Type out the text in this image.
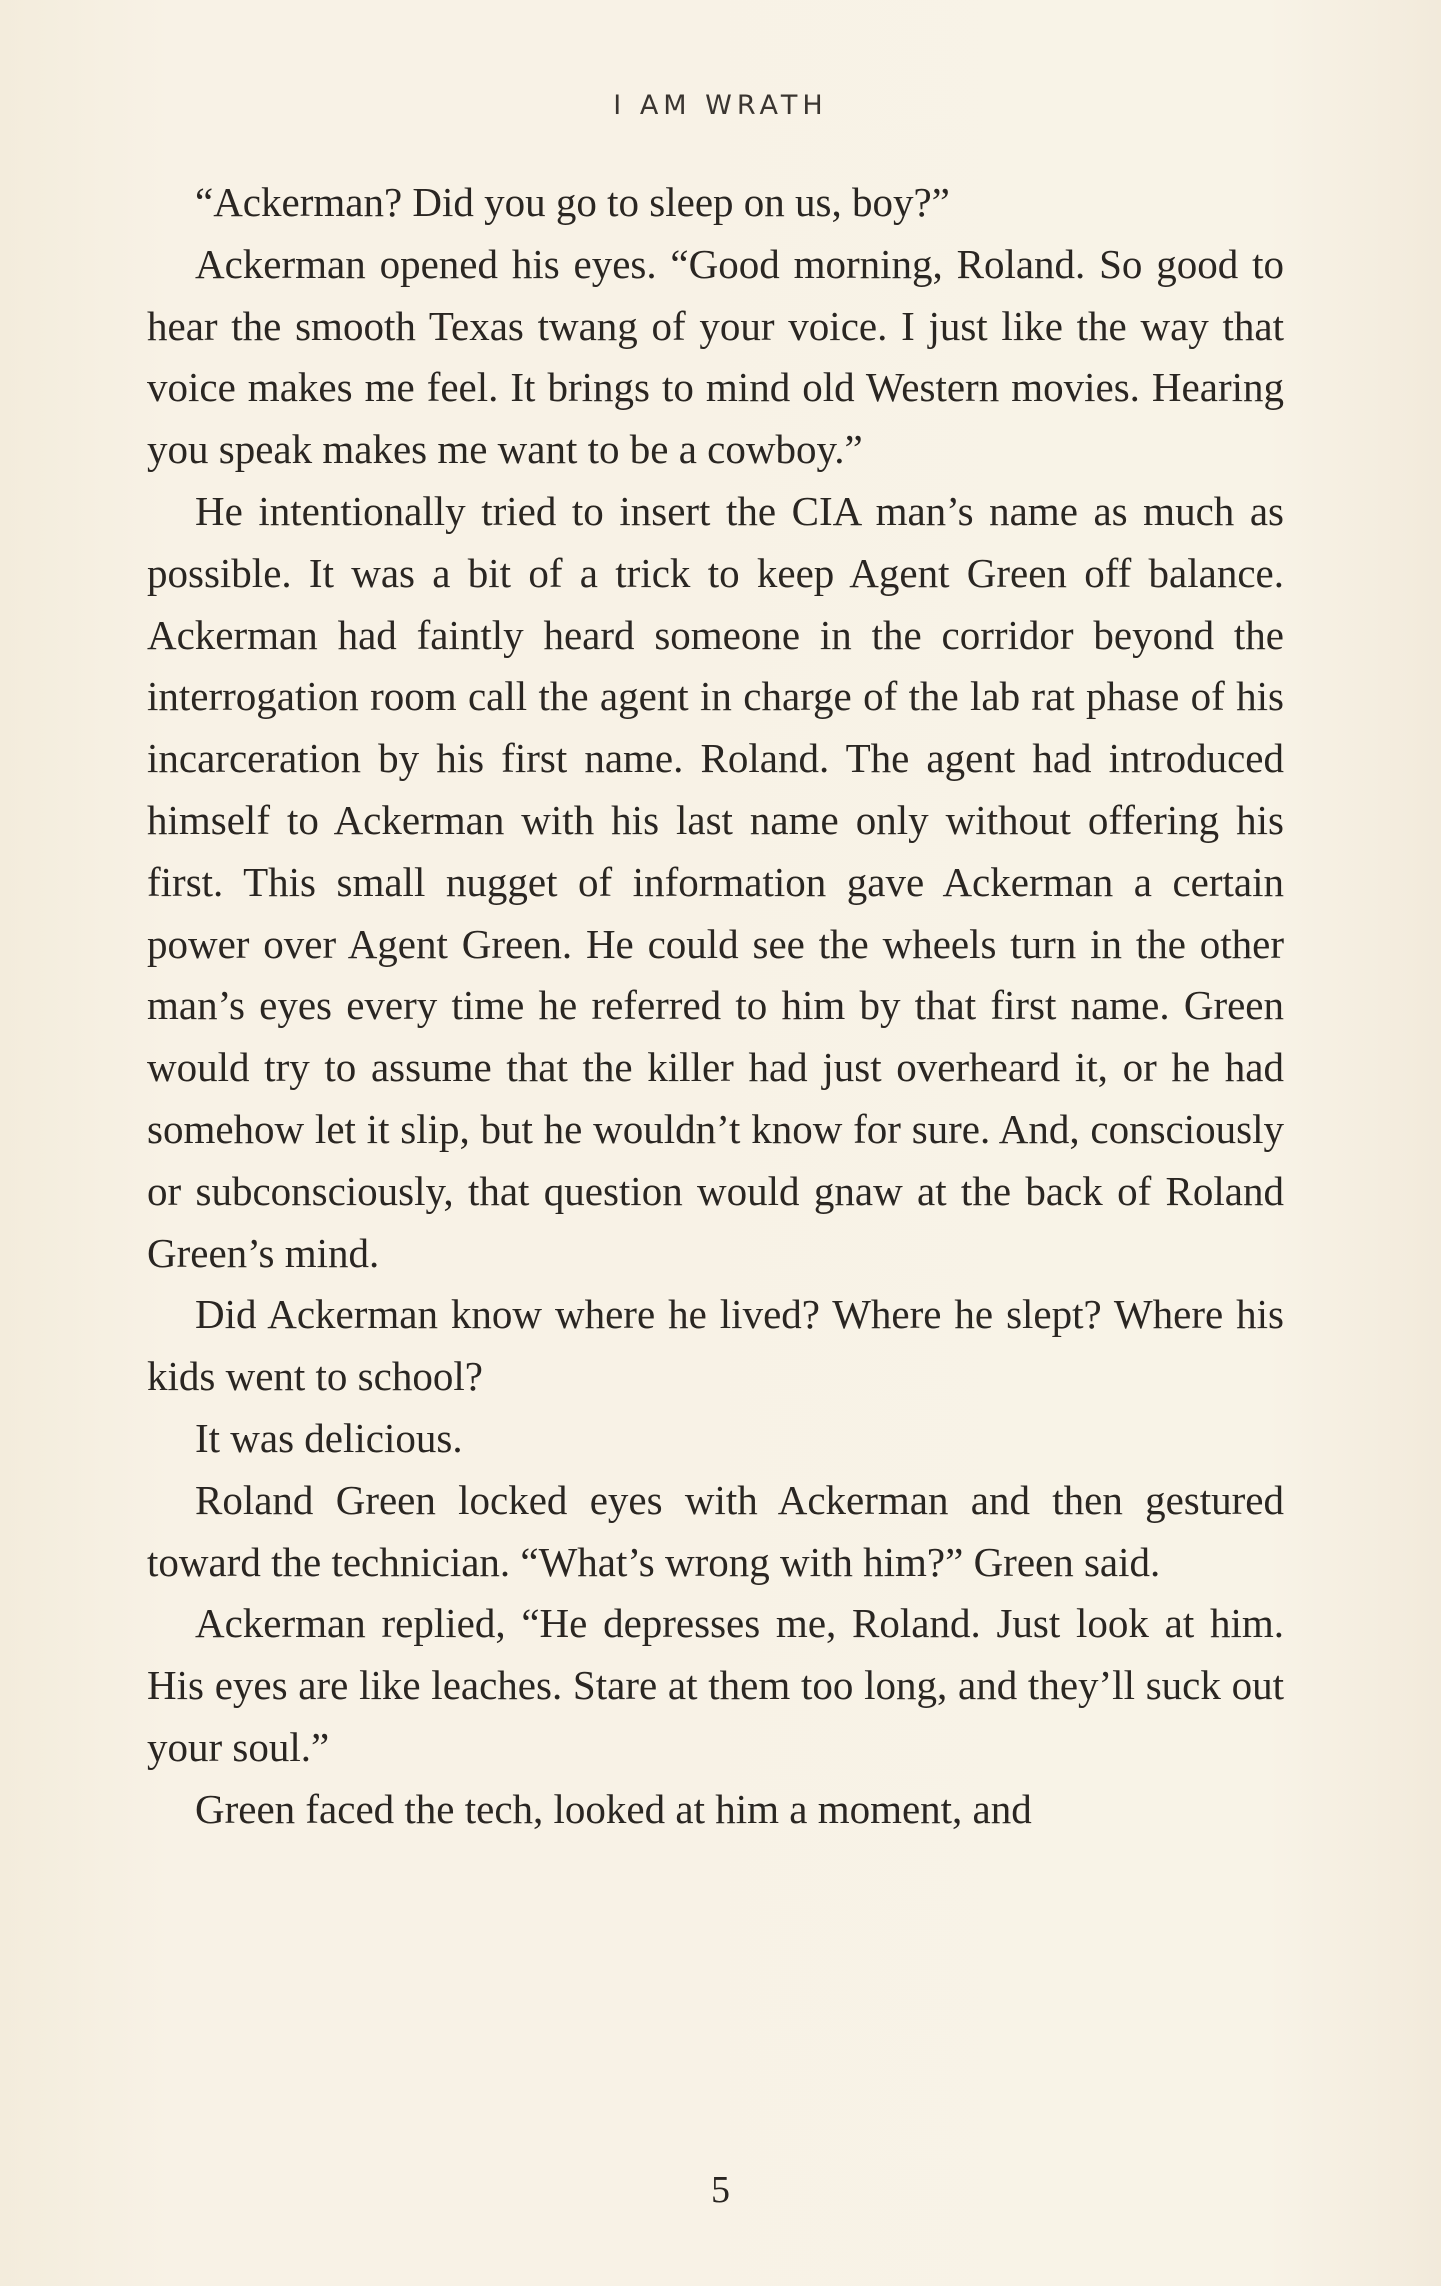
I AM WRATH

“Ackerman? Did you go to sleep on us, boy?”

Ackerman opened his eyes. “Good morning, Roland. So good to hear the smooth Texas twang of your voice. I just like the way that voice makes me feel. It brings to mind old Western movies. Hearing you speak makes me want to be a cowboy.”

He intentionally tried to insert the CIA man’s name as much as possible. It was a bit of a trick to keep Agent Green off balance. Ackerman had faintly heard someone in the corridor beyond the interrogation room call the agent in charge of the lab rat phase of his incarceration by his first name. Roland. The agent had introduced himself to Ackerman with his last name only without offering his first. This small nugget of information gave Ackerman a certain power over Agent Green. He could see the wheels turn in the other man’s eyes every time he referred to him by that first name. Green would try to assume that the killer had just overheard it, or he had somehow let it slip, but he wouldn’t know for sure. And, consciously or subconsciously, that question would gnaw at the back of Roland Green’s mind.

Did Ackerman know where he lived? Where he slept? Where his kids went to school?

It was delicious.

Roland Green locked eyes with Ackerman and then gestured toward the technician. “What’s wrong with him?” Green said.

Ackerman replied, “He depresses me, Roland. Just look at him. His eyes are like leaches. Stare at them too long, and they’ll suck out your soul.”

Green faced the tech, looked at him a moment, and

5
